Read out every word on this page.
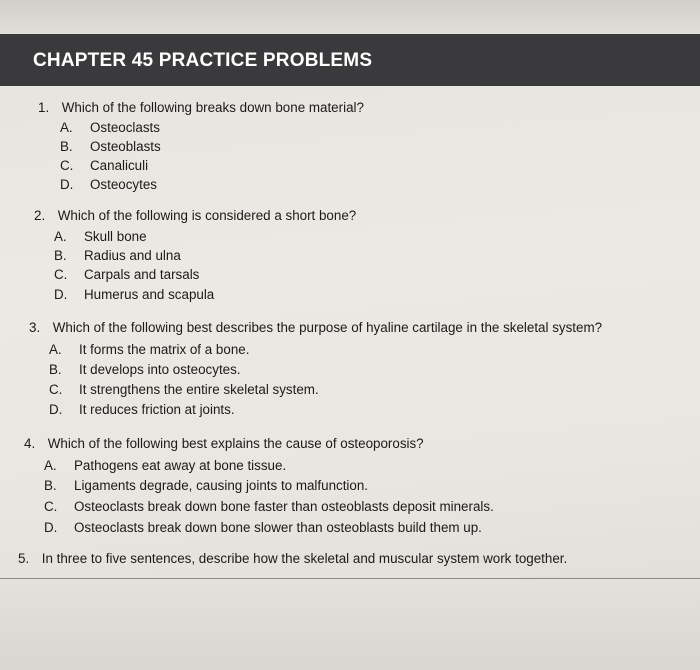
CHAPTER 45 PRACTICE PROBLEMS
1. Which of the following breaks down bone material?
A. Osteoclasts
B. Osteoblasts
C. Canaliculi
D. Osteocytes
2. Which of the following is considered a short bone?
A. Skull bone
B. Radius and ulna
C. Carpals and tarsals
D. Humerus and scapula
3. Which of the following best describes the purpose of hyaline cartilage in the skeletal system?
A. It forms the matrix of a bone.
B. It develops into osteocytes.
C. It strengthens the entire skeletal system.
D. It reduces friction at joints.
4. Which of the following best explains the cause of osteoporosis?
A. Pathogens eat away at bone tissue.
B. Ligaments degrade, causing joints to malfunction.
C. Osteoclasts break down bone faster than osteoblasts deposit minerals.
D. Osteoclasts break down bone slower than osteoblasts build them up.
5. In three to five sentences, describe how the skeletal and muscular system work together.
